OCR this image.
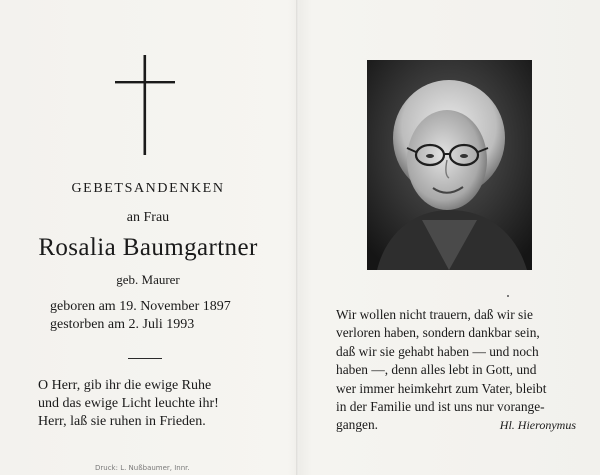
GEBETSANDENKEN
an Frau
Rosalia Baumgartner
geb. Maurer
geboren am 19. November 1897
gestorben am 2. Juli 1993
O Herr, gib ihr die ewige Ruhe
und das ewige Licht leuchte ihr!
Herr, laß sie ruhen in Frieden.
Druck: L. Nußbaumer, Innr.
Wir wollen nicht trauern, daß wir sie
verloren haben, sondern dankbar sein,
daß wir sie gehabt haben — und noch
haben —, denn alles lebt in Gott, und
wer immer heimkehrt zum Vater, bleibt
in der Familie und ist uns nur vorange-
gangen.	Hl. Hieronymus
